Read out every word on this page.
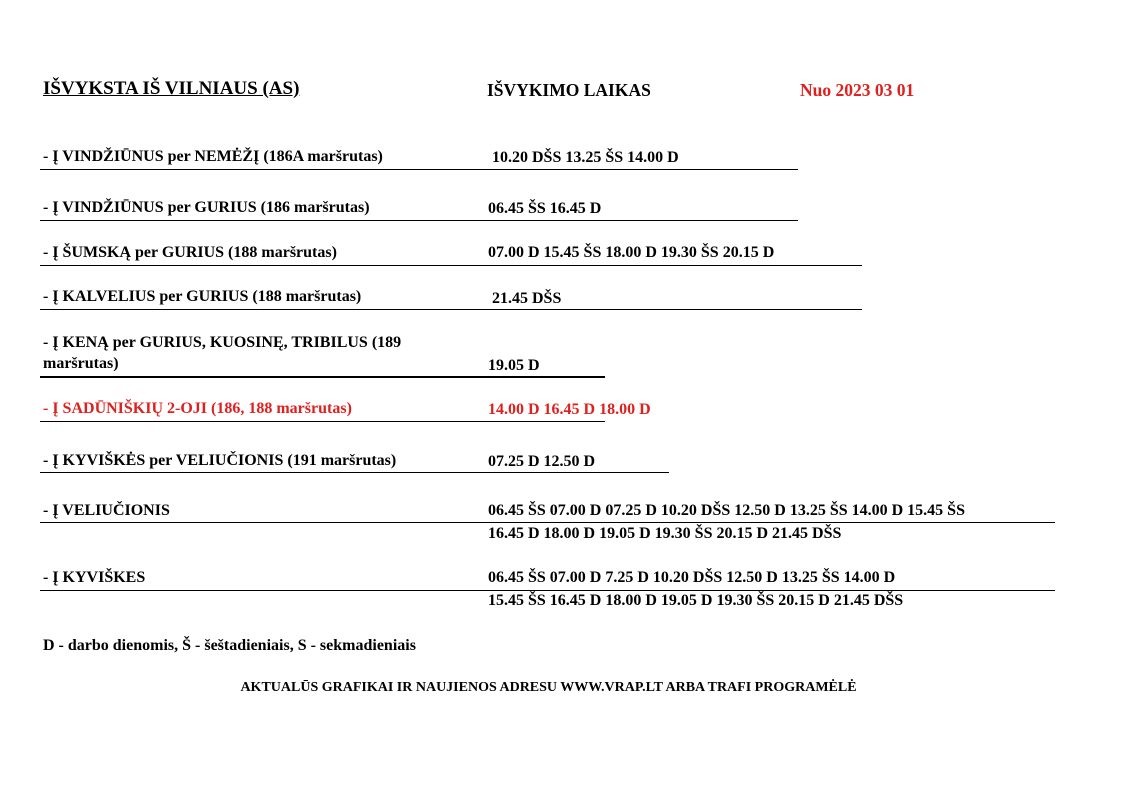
IŠVYKSTA IŠ VILNIAUS (AS)	IŠVYKIMO LAIKAS	Nuo 2023 03 01
- Į VINDŽIŪNUS per NEMĖŽĮ (186A maršrutas)	10.20 DŠS 13.25 ŠS 14.00 D
- Į VINDŽIŪNUS per GURIUS (186 maršrutas)	06.45 ŠS 16.45 D
- Į ŠUMSKĄ per GURIUS (188 maršrutas)	07.00 D 15.45 ŠS 18.00 D 19.30 ŠS 20.15 D
- Į KALVELIUS per GURIUS (188 maršrutas)	21.45 DŠS
- Į KENĄ per GURIUS, KUOSINĘ, TRIBILUS (189
maršrutas)	19.05 D
- Į SADŪNIŠKIŲ 2-OJI (186, 188 maršrutas)	14.00 D 16.45 D 18.00 D
- Į KYVIŠKĖS per VELIUČIONIS (191 maršrutas)	07.25 D 12.50 D
- Į VELIUČIONIS	06.45 ŠS 07.00 D 07.25 D 10.20 DŠS 12.50 D 13.25 ŠS 14.00 D 15.45 ŠS
16.45 D 18.00 D 19.05 D 19.30 ŠS 20.15 D 21.45 DŠS
- Į KYVIŠKES	06.45 ŠS 07.00 D 7.25 D 10.20 DŠS 12.50 D 13.25 ŠS 14.00 D
15.45 ŠS 16.45 D 18.00 D 19.05 D 19.30 ŠS 20.15 D 21.45 DŠS
D - darbo dienomis, Š - šeštadieniais, S - sekmadieniais
AKTUALŪS GRAFIKAI IR NAUJIENOS ADRESU WWW.VRAP.LT ARBA TRAFI PROGRAMĖLĖ
